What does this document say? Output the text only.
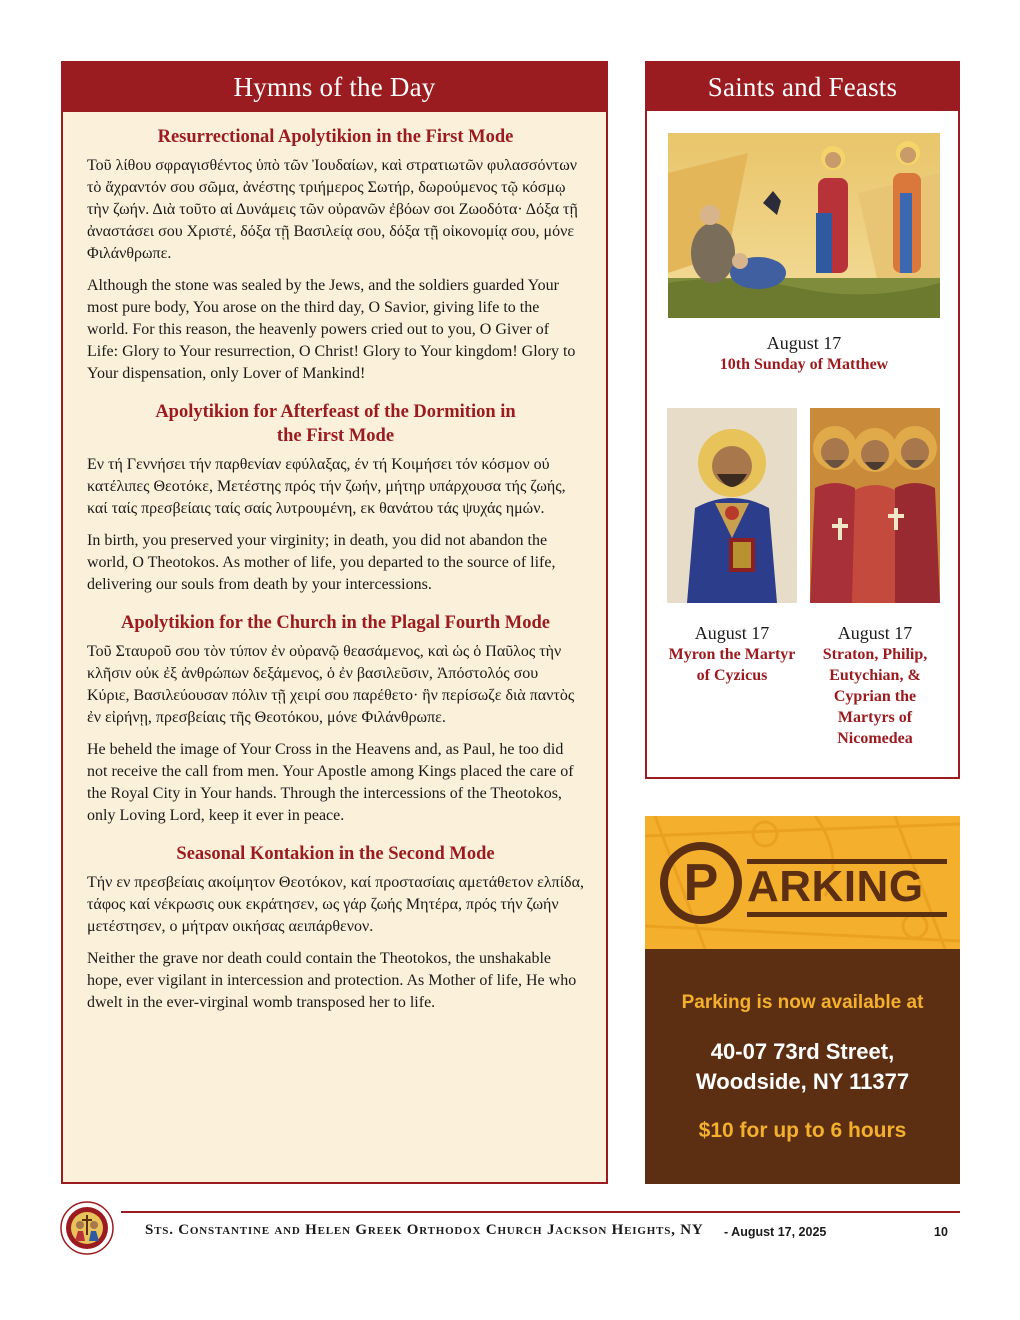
Hymns of the Day
Resurrectional Apolytikion in the First Mode

Τοῦ λίθου σφραγισθέντος ὑπὸ τῶν Ἰουδαίων, καὶ στρατιωτῶν φυλασσόντων τὸ ἄχραντόν σου σῶμα, ἀνέστης τριήμερος Σωτήρ, δωρούμενος τῷ κόσμῳ τὴν ζωήν. Διὰ τοῦτο αἱ Δυνάμεις τῶν οὐρανῶν ἐβόων σοι Ζωοδότα· Δόξα τῇ ἀναστάσει σου Χριστέ, δόξα τῇ Βασιλείᾳ σου, δόξα τῇ οἰκονομίᾳ σου, μόνε Φιλάνθρωπε.

Although the stone was sealed by the Jews, and the soldiers guarded Your most pure body, You arose on the third day, O Savior, giving life to the world. For this reason, the heavenly powers cried out to you, O Giver of Life: Glory to Your resurrection, O Christ! Glory to Your kingdom! Glory to Your dispensation, only Lover of Mankind!

Apolytikion for Afterfeast of the Dormition in the First Mode

Εν τή Γεννήσει τήν παρθενίαν εφύλαξας, έν τή Κοιμήσει τόν κόσμον ού κατέλιπες Θεοτόκε, Μετέστης πρός τήν ζωήν, μήτηρ υπάρχουσα τής ζωής, καί ταίς πρεσβείαις ταίς σαίς λυτρουμένη, εκ θανάτου τάς ψυχάς ημών.

In birth, you preserved your virginity; in death, you did not abandon the world, O Theotokos. As mother of life, you departed to the source of life, delivering our souls from death by your intercessions.

Apolytikion for the Church in the Plagal Fourth Mode

Τοῦ Σταυροῦ σου τὸν τύπον ἐν οὐρανῷ θεασάμενος, καὶ ὡς ὁ Παῦλος τὴν κλῆσιν οὐκ ἐξ ἀνθρώπων δεξάμενος, ὁ ἐν βασιλεῦσιν, Ἀπόστολός σου Κύριε, Βασιλεύουσαν πόλιν τῇ χειρί σου παρέθετο· ἣν περίσωζε διὰ παντὸς ἐν εἰρήνῃ, πρεσβείαις τῆς Θεοτόκου, μόνε Φιλάνθρωπε.

He beheld the image of Your Cross in the Heavens and, as Paul, he too did not receive the call from men. Your Apostle among Kings placed the care of the Royal City in Your hands. Through the intercessions of the Theotokos, only Loving Lord, keep it ever in peace.

Seasonal Kontakion in the Second Mode

Τήν εν πρεσβείαις ακοίμητον Θεοτόκον, καί προστασίαις αμετάθετον ελπίδα, τάφος καί νέκρωσις ουκ εκράτησεν, ως γάρ ζωής Μητέρα, πρός τήν ζωήν μετέστησεν, ο μήτραν οικήσας αειπάρθενον.

Neither the grave nor death could contain the Theotokos, the unshakable hope, ever vigilant in intercession and protection. As Mother of life, He who dwelt in the ever-virginal womb transposed her to life.

Saints and Feasts
August 17
10th Sunday of Matthew
August 17
Myron the Martyr of Cyzicus
August 17
Straton, Philip, Eutychian, & Cyprian the Martyrs of Nicomedea
P ARKING
Parking is now available at
40-07 73rd Street,
Woodside, NY 11377
$10 for up to 6 hours
Sts. Constantine and Helen Greek Orthodox Church Jackson Heights, NY - August 17, 2025	10
